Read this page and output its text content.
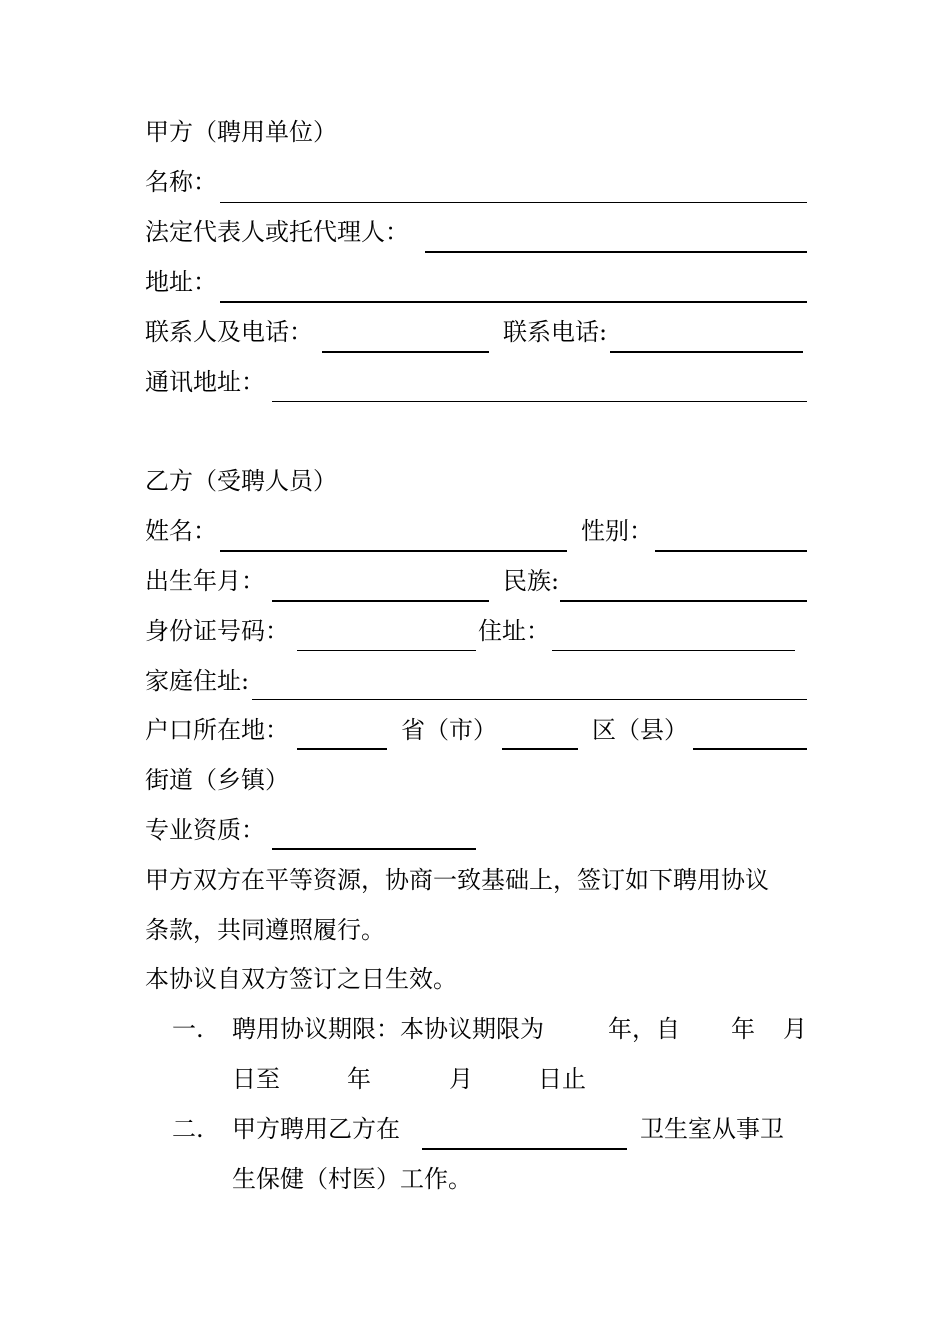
甲方（聘用单位）
名称：
法定代表人或托代理人：
地址：
联系人及电话：	联系电话:
通讯地址：
乙方（受聘人员）
姓名：	性别：
出生年月：	民族:
身份证号码：	住址：
家庭住址:
户口所在地：	省（市）	区（县）
街道（乡镇）
专业资质：
甲方双方在平等资源，协商一致基础上，签订如下聘用协议
条款，共同遵照履行。
本协议自双方签订之日生效。
一. 聘用协议期限：本协议期限为	年，自 年 月
日至	年	月	日止
二. 甲方聘用乙方在	卫生室从事卫
生保健（村医）工作。
